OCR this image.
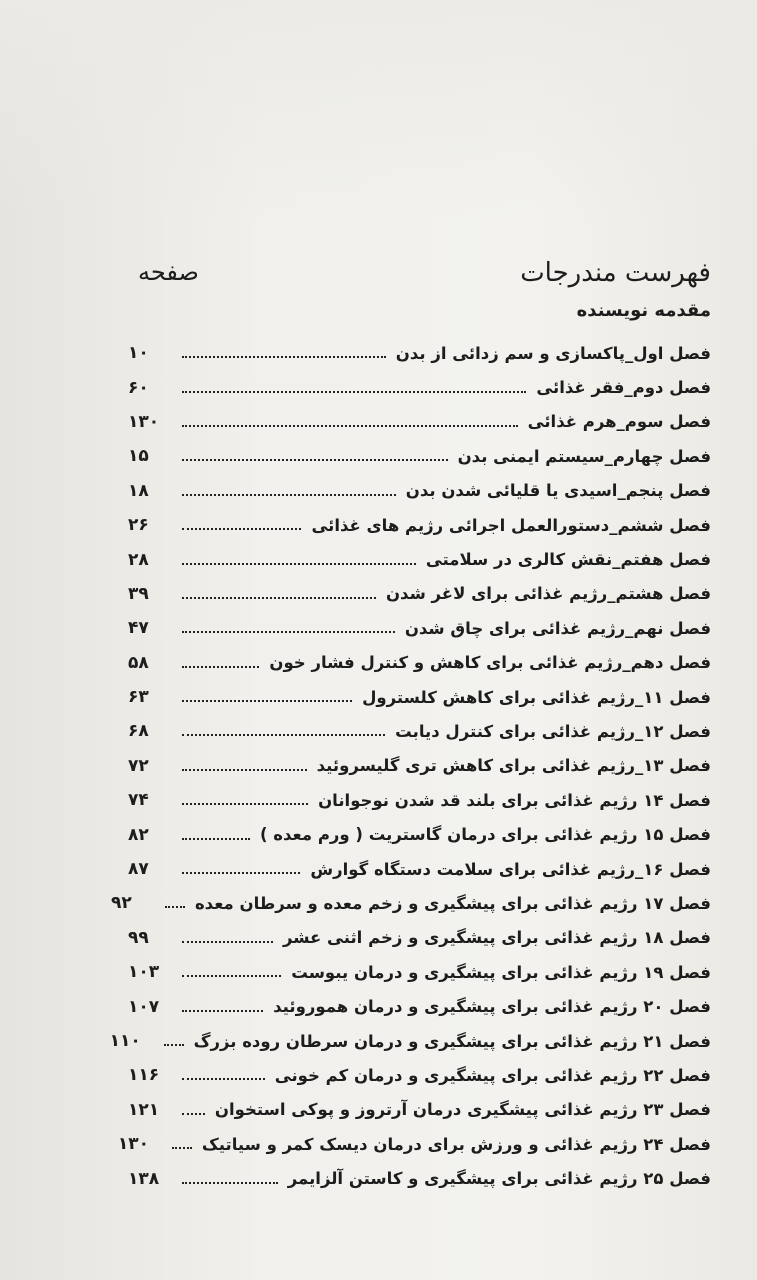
فهرست مندرجات
صفحه
مقدمه نویسنده
فصل اول_پاکسازی و سم زدائی از بدن
۱۰
فصل دوم_فقر غذائی
۶۰
فصل سوم_هرم غذائی
۱۳۰
فصل چهارم_سیستم ایمنی بدن
۱۵
فصل پنجم_اسیدی یا قلیائی شدن بدن
۱۸
فصل ششم_دستورالعمل اجرائی رژیم های غذائی
۲۶
فصل هفتم_نقش کالری در سلامتی
۲۸
فصل هشتم_رژیم غذائی برای لاغر شدن
۳۹
فصل نهم_رژیم غذائی برای چاق شدن
۴۷
فصل دهم_رژیم غذائی برای کاهش و کنترل فشار خون
۵۸
فصل ۱۱_رژیم غذائی برای کاهش کلسترول
۶۳
فصل ۱۲_رژیم غذائی برای کنترل دیابت
۶۸
فصل ۱۳_رژیم غذائی برای کاهش تری گلیسروئید
۷۲
فصل ۱۴ رژیم غذائی برای بلند قد شدن نوجوانان
۷۴
فصل ۱۵ رژیم غذائی برای درمان گاستریت ( ورم معده )
۸۲
فصل ۱۶_رژیم غذائی برای سلامت دستگاه گوارش
۸۷
فصل ۱۷ رژیم غذائی برای پیشگیری و زخم معده و سرطان معده
۹۲
فصل ۱۸ رژیم غذائی برای پیشگیری و زخم اثنی عشر
۹۹
فصل ۱۹ رژیم غذائی برای پیشگیری و درمان یبوست
۱۰۳
فصل ۲۰ رژیم غذائی برای پیشگیری و درمان هموروئید
۱۰۷
فصل ۲۱ رژیم غذائی برای پیشگیری و درمان سرطان روده بزرگ
۱۱۰
فصل ۲۲ رژیم غذائی برای پیشگیری و درمان کم خونی
۱۱۶
فصل ۲۳ رژیم غذائی پیشگیری درمان آرتروز و پوکی استخوان
۱۲۱
فصل ۲۴ رژیم غذائی و ورزش برای درمان دیسک کمر و سیاتیک
۱۳۰
فصل ۲۵ رژیم غذائی برای پیشگیری و کاستن آلزایمر
۱۳۸
